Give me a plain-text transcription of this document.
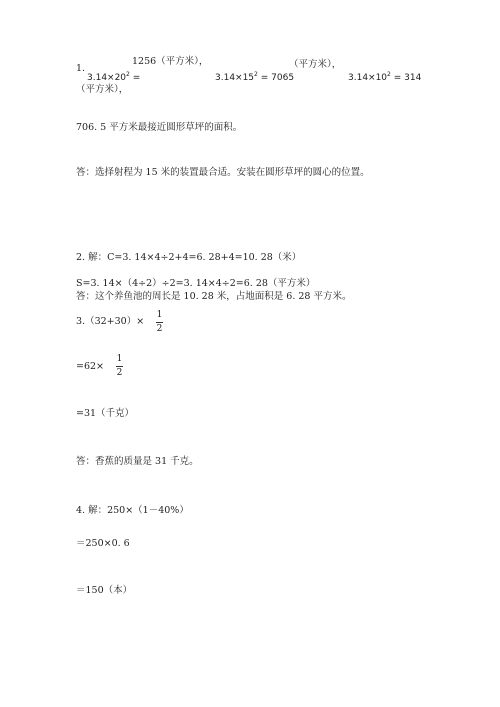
1.
1256（平方米），
$3.14\times 20^2$ =	$3.14\times 15^2 = 7065$
（平方米），
$3.14\times 10^2 = 314$
（平方米），
706. 5 平方米最接近圆形草坪的面积。
答：选择射程为 15 米的装置最合适。安装在圆形草坪的圆心的位置。
2. 解：C=3. 14×4÷2+4=6. 28+4=10. 28（米）
S=3. 14×（4÷2）÷2=3. 14×4÷2=6. 28（平方米）
答：这个养鱼池的周长是 10. 28 米，占地面积是 6. 28 平方米。
3.（32+30）×
1
2
=62×
1
2
=31（千克）
答：香蕉的质量是 31 千克。
4. 解：250×（1－40%）
＝250×0. 6
＝150（本）
